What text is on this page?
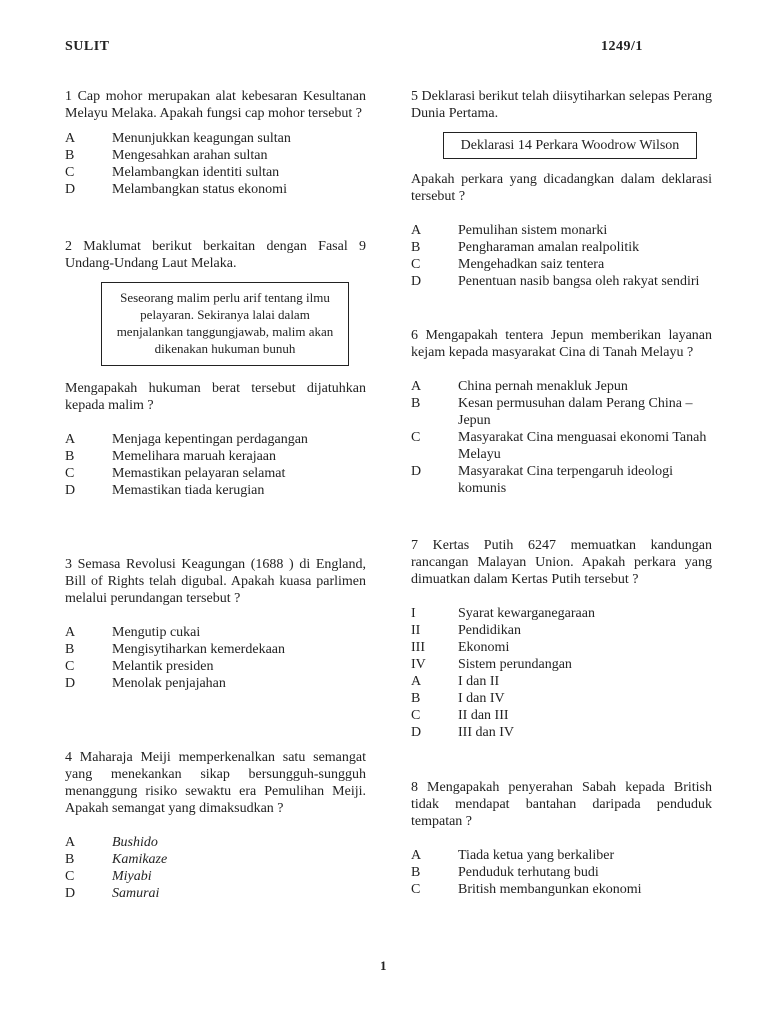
SULIT	1249/1
1 Cap mohor merupakan alat kebesaran Kesultanan Melayu Melaka. Apakah fungsi cap mohor tersebut ?
A	Menunjukkan keagungan sultan
B	Mengesahkan arahan sultan
C	Melambangkan identiti sultan
D	Melambangkan status ekonomi
2 Maklumat berikut berkaitan dengan Fasal 9 Undang-Undang Laut Melaka.
Seseorang malim perlu arif tentang ilmu pelayaran. Sekiranya lalai dalam menjalankan tanggungjawab, malim akan dikenakan hukuman bunuh
Mengapakah hukuman berat tersebut dijatuhkan kepada malim ?
A	Menjaga kepentingan perdagangan
B	Memelihara maruah kerajaan
C	Memastikan pelayaran selamat
D	Memastikan tiada kerugian
3 Semasa Revolusi Keagungan (1688 ) di England, Bill of Rights telah digubal. Apakah kuasa parlimen melalui perundangan tersebut ?
A	Mengutip cukai
B	Mengisytiharkan kemerdekaan
C	Melantik presiden
D	Menolak penjajahan
4 Maharaja Meiji memperkenalkan satu semangat yang menekankan sikap bersungguh-sungguh menanggung risiko sewaktu era Pemulihan Meiji. Apakah semangat yang dimaksudkan ?
A	Bushido
B	Kamikaze
C	Miyabi
D	Samurai
5 Deklarasi berikut telah diisytiharkan selepas Perang Dunia Pertama.
Deklarasi 14 Perkara Woodrow Wilson
Apakah perkara yang dicadangkan dalam deklarasi tersebut ?
A	Pemulihan sistem monarki
B	Pengharaman amalan realpolitik
C	Mengehadkan saiz tentera
D	Penentuan nasib bangsa oleh rakyat sendiri
6 Mengapakah tentera Jepun memberikan layanan kejam kepada masyarakat Cina di Tanah Melayu ?
A	China pernah menakluk Jepun
B	Kesan permusuhan dalam Perang China – Jepun
C	Masyarakat Cina menguasai ekonomi Tanah Melayu
D	Masyarakat Cina terpengaruh ideologi komunis
7 Kertas Putih 6247 memuatkan kandungan rancangan Malayan Union. Apakah perkara yang dimuatkan dalam Kertas Putih tersebut ?
I	Syarat kewarganegaraan
II	Pendidikan
III	Ekonomi
IV	Sistem perundangan
A	I dan II
B	I dan IV
C	II dan III
D	III dan IV
8 Mengapakah penyerahan Sabah kepada British tidak mendapat bantahan daripada penduduk tempatan ?
A	Tiada ketua yang berkaliber
B	Penduduk terhutang budi
C	British membangunkan ekonomi
1
